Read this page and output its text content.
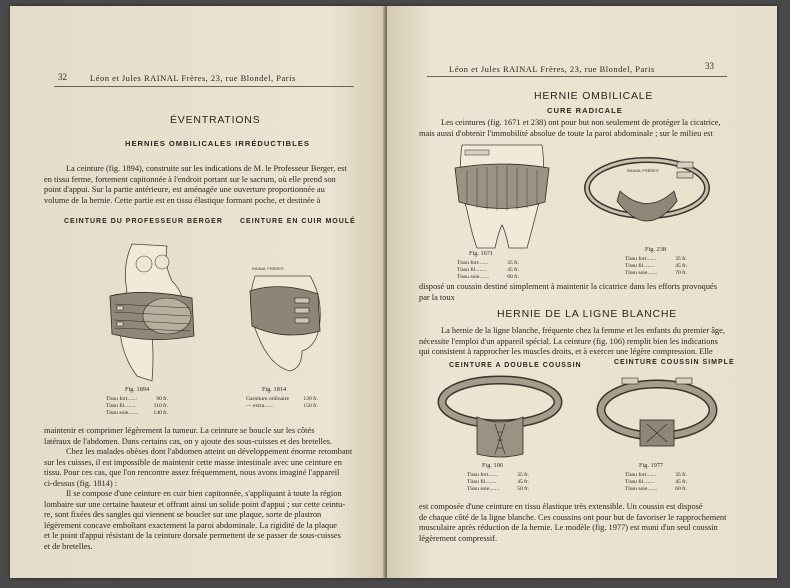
32	Léon et Jules RAINAL Frères, 23, rue Blondel, Paris
ÉVENTRATIONS
HERNIES OMBILICALES IRRÉDUCTIBLES
La ceinture (fig. 1894), construite sur les indications de M. le Professeur Berger, est
en tissu ferme, fortement capitonnée à l'endroit portant sur le sacrum, où elle prend son
point d'appui. Sur la partie antérieure, est aménagée une ouverture proportionnée au
volume de la hernie. Cette partie est en tissu élastique formant poche, et destinée à
CEINTURE DU PROFESSEUR BERGER CEINTURE EN CUIR MOULÉ
RAINAL FRÈRES
Fig. 1894
Tissu fort.......	90 fr.
Tissu fil........	110 fr.
Tissu soie.......	140 fr.
Fig. 1814
Garniture ordinaire	120 fr.
— extra.......	150 fr.
maintenir et comprimer légèrement la tumeur. La ceinture se boucle sur les côtés
latéraux de l'abdomen. Dans certains cas, on y ajoute des sous-cuisses et des bretelles.
Chez les malades obèses dont l'abdomen atteint un développement énorme retombant
sur les cuisses, il est impossible de maintenir cette masse intestinale avec une ceinture en
tissu. Pour ces cas, que l'on rencontre assez fréquemment, nous avons imaginé l'appareil
ci-dessus (fig. 1814) :
Il se compose d'une ceinture en cuir bien capitonnée, s'appliquant à toute la région
lombaire sur une certaine hauteur et offrant ainsi un solide point d'appui ; sur cette ceintu-
re, sont fixées des sangles qui viennent se boucler sur une plaque, sorte de plastron
légèrement concave emboîtant exactement la paroi abdominale. La rigidité de la plaque
et le point d'appui résistant de la ceinture dorsale permettent de se passer de sous-cuisses
et de bretelles.
Léon et Jules RAINAL Frères, 23, rue Blondel, Paris	33
HERNIE OMBILICALE
CURE RADICALE
Les ceintures (fig. 1671 et 238) ont pour but non seulement de protéger la cicatrice,
mais aussi d'obtenir l'immobilité absolue de toute la paroi abdominale ; sur le milieu est
Fig. 1671
Tissu fort.......	35 fr.
Tissu fil........	45 fr.
Tissu soie.......	60 fr.
RAINAL FRÈRES
Fig. 238
Tissu fort.......	35 fr.
Tissu fil........	45 fr.
Tissu soie.......	70 fr.
disposé un coussin destiné simplement à maintenir la cicatrice dans les efforts provoqués
par la toux
HERNIE DE LA LIGNE BLANCHE
La hernie de la ligne blanche, fréquente chez la femme et les enfants du premier âge,
nécessite l'emploi d'un appareil spécial. La ceinture (fig. 106) remplit bien les indications
qui consistent à rapprocher les muscles droits, et à exercer une légère compression. Elle
CEINTURE A DOUBLE COUSSIN	CEINTURE COUSSIN SIMPLE
Fig. 106
Tissu fort.......	35 fr.
Tissu fil........	45 fr.
Tissu soie.......	50 fr.
Fig. 1977
Tissu fort.......	35 fr.
Tissu fil........	45 fr.
Tissu soie.......	60 fr.
est composée d'une ceinture en tissu élastique très extensible. Un coussin est disposé
de chaque côté de la ligne blanche. Ces coussins ont pour but de favoriser le rapprochement
musculaire après réduction de la hernie. Le modèle (fig. 1977) est muni d'un seul coussin
légèrement compressif.
